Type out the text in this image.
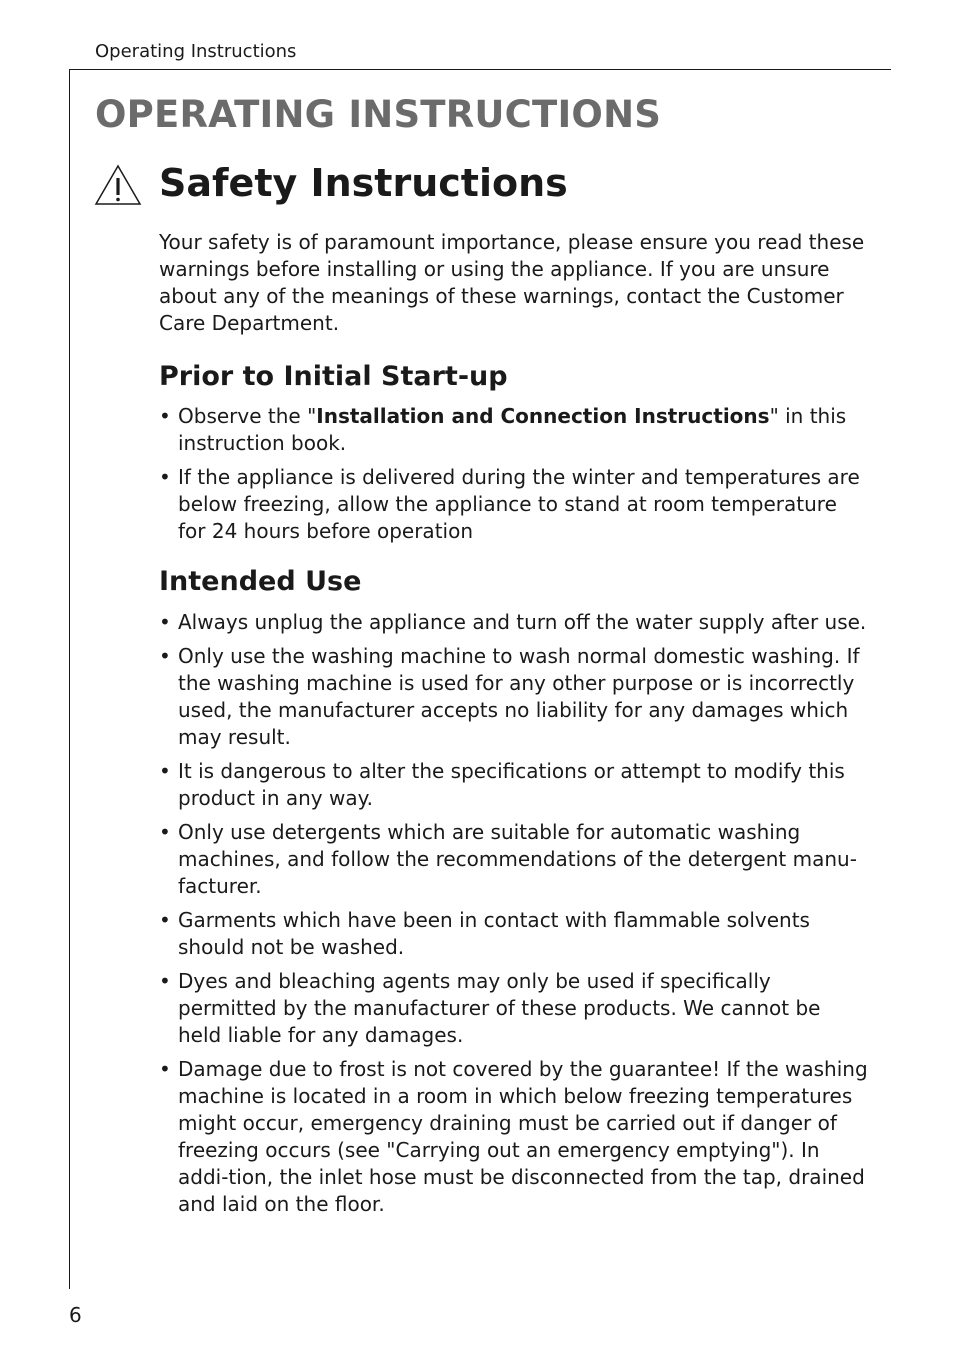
Operating Instructions
OPERATING INSTRUCTIONS
Safety Instructions

Your safety is of paramount importance, please ensure you read these warnings before installing or using the appliance. If you are unsure about any of the meanings of these warnings, contact the Customer Care Department.

Prior to Initial Start-up
• Observe the "Installation and Connection Instructions" in this instruction book.
• If the appliance is delivered during the winter and temperatures are below freezing, allow the appliance to stand at room temperature for 24 hours before operation
Intended Use
• Always unplug the appliance and turn off the water supply after use.
• Only use the washing machine to wash normal domestic washing. If the washing machine is used for any other purpose or is incorrectly used, the manufacturer accepts no liability for any damages which may result.
• It is dangerous to alter the specifications or attempt to modify this product in any way.
• Only use detergents which are suitable for automatic washing machines, and follow the recommendations of the detergent manu-facturer.
• Garments which have been in contact with flammable solvents should not be washed.
• Dyes and bleaching agents may only be used if specifically permitted by the manufacturer of these products. We cannot be held liable for any damages.
• Damage due to frost is not covered by the guarantee! If the washing machine is located in a room in which below freezing temperatures might occur, emergency draining must be carried out if danger of freezing occurs (see "Carrying out an emergency emptying"). In addi-tion, the inlet hose must be disconnected from the tap, drained and laid on the floor.
6
